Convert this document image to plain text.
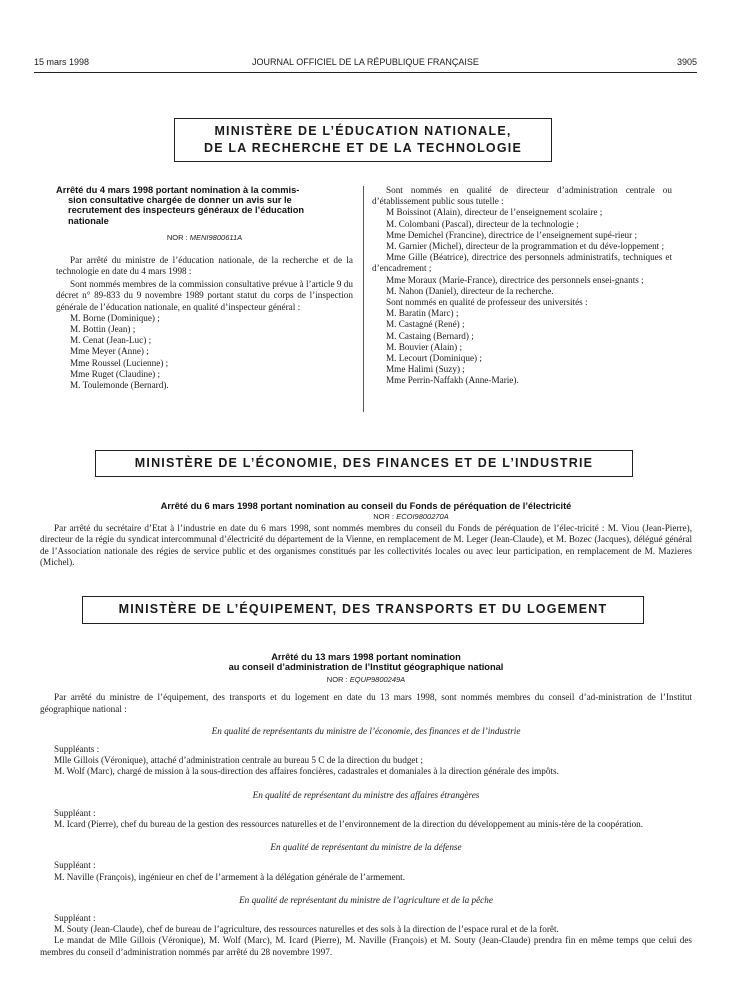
15 mars 1998	JOURNAL OFFICIEL DE LA RÉPUBLIQUE FRANÇAISE	3905
MINISTÈRE DE L’ÉDUCATION NATIONALE,
DE LA RECHERCHE ET DE LA TECHNOLOGIE
Arrêté du 4 mars 1998 portant nomination à la commis-
sion consultative chargée de donner un avis sur le
recrutement des inspecteurs généraux de l’éducation
nationale
NOR : MENI9800611A

Par arrêté du ministre de l’éducation nationale, de la recherche et de la technologie en date du 4 mars 1998 :

Sont nommés membres de la commission consultative prévue à l’article 9 du décret n° 89-833 du 9 novembre 1989 portant statut du corps de l’inspection générale de l’éducation nationale, en qualité d’inspecteur général :

M. Borne (Dominique) ;

M. Bottin (Jean) ;

M. Cenat (Jean-Luc) ;

Mme Meyer (Anne) ;

Mme Roussel (Lucienne) ;

Mme Ruget (Claudine) ;

M. Toulemonde (Bernard).

Sont nommés en qualité de directeur d’administration centrale ou d’établissement public sous tutelle :

M Boissinot (Alain), directeur de l’enseignement scolaire ;

M. Colombani (Pascal), directeur de la technologie ;

Mme Demichel (Francine), directrice de l’enseignement supé-rieur ;

M. Garnier (Michel), directeur de la programmation et du déve-loppement ;

Mme Gille (Béatrice), directrice des personnels administratifs, techniques et d’encadrement ;

Mme Moraux (Marie-France), directrice des personnels ensei-gnants ;

M. Nahon (Daniel), directeur de la recherche.

Sont nommés en qualité de professeur des universités :

M. Baratin (Marc) ;

M. Castagné (René) ;

M. Castaing (Bernard) ;

M. Bouvier (Alain) ;

M. Lecourt (Dominique) ;

Mme Halimi (Suzy) ;

Mme Perrin-Naffakh (Anne-Marie).

MINISTÈRE DE L’ÉCONOMIE, DES FINANCES ET DE L’INDUSTRIE
Arrêté du 6 mars 1998 portant nomination au conseil du Fonds de péréquation de l’électricité
NOR : ECOI9800270A

Par arrêté du secrétaire d’Etat à l’industrie en date du 6 mars 1998, sont nommés membres du conseil du Fonds de péréquation de l’élec-tricité : M. Viou (Jean-Pierre), directeur de la régie du syndicat intercommunal d’électricité du département de la Vienne, en remplacement de M. Leger (Jean-Claude), et M. Bozec (Jacques), délégué général de l’Association nationale des régies de service public et des organismes constitués par les collectivités locales ou avec leur participation, en remplacement de M. Mazieres (Michel).

MINISTÈRE DE L’ÉQUIPEMENT, DES TRANSPORTS ET DU LOGEMENT
Arrêté du 13 mars 1998 portant nomination
au conseil d’administration de l’Institut géographique national
NOR : EQUP9800249A

Par arrêté du ministre de l’équipement, des transports et du logement en date du 13 mars 1998, sont nommés membres du conseil d’ad-ministration de l’Institut géographique national :

En qualité de représentants du ministre de l’économie, des finances et de l’industrie

Suppléants :

Mlle Gillois (Véronique), attaché d’administration centrale au bureau 5 C de la direction du budget ;

M. Wolf (Marc), chargé de mission à la sous-direction des affaires foncières, cadastrales et domaniales à la direction générale des impôts.

En qualité de représentant du ministre des affaires étrangères

Suppléant :

M. Icard (Pierre), chef du bureau de la gestion des ressources naturelles et de l’environnement de la direction du développement au minis-tère de la coopération.

En qualité de représentant du ministre de la défense

Suppléant :

M. Naville (François), ingénieur en chef de l’armement à la délégation générale de l’armement.

En qualité de représentant du ministre de l’agriculture et de la pêche

Suppléant :

M. Souty (Jean-Claude), chef de bureau de l’agriculture, des ressources naturelles et des sols à la direction de l’espace rural et de la forêt.

Le mandat de Mlle Gillois (Véronique), M. Wolf (Marc), M. Icard (Pierre), M. Naville (François) et M. Souty (Jean-Claude) prendra fin en même temps que celui des membres du conseil d’administration nommés par arrêté du 28 novembre 1997.
